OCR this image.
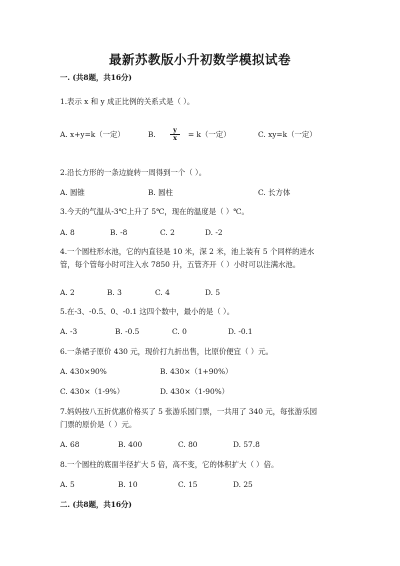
最新苏教版小升初数学模拟试卷
一. (共8题，共16分)
1.表示 x 和 y 成正比例的关系式是（ ）。
A. x+y=k（一定）	B. $\frac{y}{x} = k$（一定）	C. xy=k（一定）
2.沿长方形的一条边旋转一周得到一个（ ）。
A. 圆锥	B. 圆柱	C. 长方体
3.今天的气温从-3℃上升了 5℃，现在的温度是（ ）℃。
A. 8	B. -8	C. 2	D. -2
4.一个圆柱形水池，它的内直径是 10 米，深 2 米，池上装有 5 个同样的进水
管，每个管每小时可注入水 7850 升，五管齐开（ ）小时可以注满水池。
A. 2	B. 3	C. 4	D. 5
5.在-3、-0.5、0、-0.1 这四个数中，最小的是（ ）。
A. -3	B. -0.5	C. 0	D. -0.1
6.一条裙子原价 430 元，现价打九折出售，比原价便宜（ ）元。
A. 430×90%	B. 430×（1+90%）
C. 430×（1-9%）	D. 430×（1-90%）
7.妈妈按八五折优惠价格买了 5 张游乐园门票，一共用了 340 元，每张游乐园
门票的原价是（ ）元。
A. 68	B. 400	C. 80	D. 57.8
8.一个圆柱的底面半径扩大 5 倍，高不变，它的体积扩大（ ）倍。
A. 5	B. 10	C. 15	D. 25
二. (共8题，共16分)
